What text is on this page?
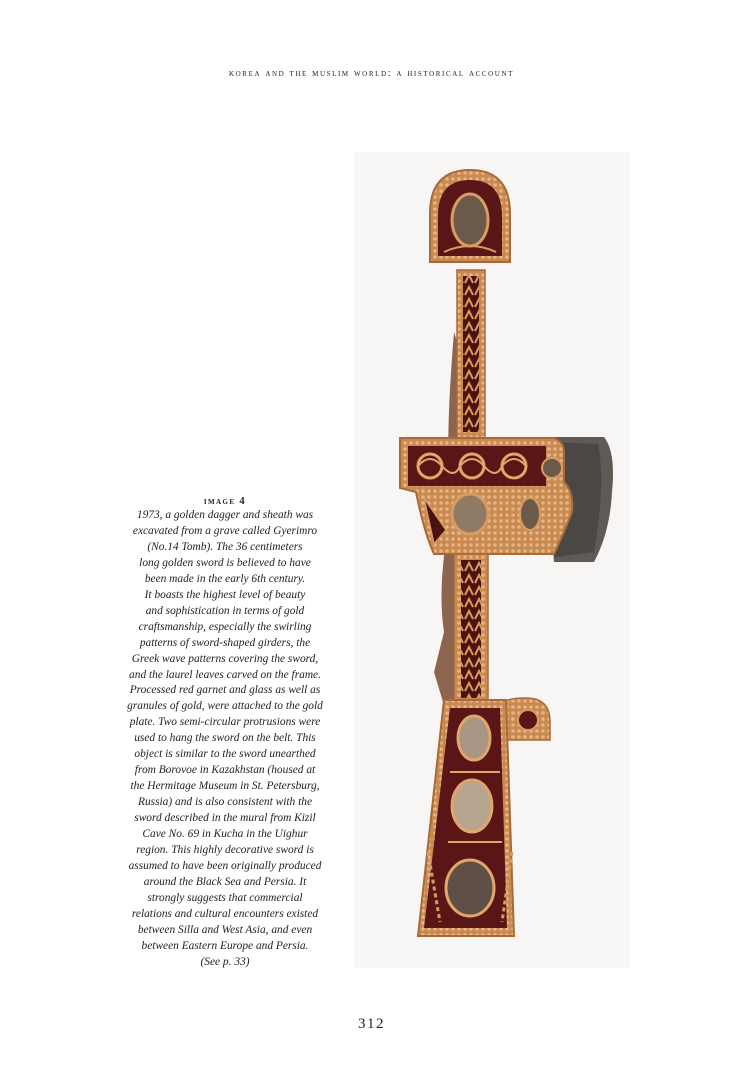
korea and the muslim world: a historical account
image 4
1973, a golden dagger and sheath was
excavated from a grave called Gyerimro
(No.14 Tomb). The 36 centimeters
long golden sword is believed to have
been made in the early 6th century.
It boasts the highest level of beauty
and sophistication in terms of gold
craftsmanship, especially the swirling
patterns of sword-shaped girders, the
Greek wave patterns covering the sword,
and the laurel leaves carved on the frame.
Processed red garnet and glass as well as
granules of gold, were attached to the gold
plate. Two semi-circular protrusions were
used to hang the sword on the belt. This
object is similar to the sword unearthed
from Borovoe in Kazakhstan (housed at
the Hermitage Museum in St. Petersburg,
Russia) and is also consistent with the
sword described in the mural from Kizil
Cave No. 69 in Kucha in the Uighur
region. This highly decorative sword is
assumed to have been originally produced
around the Black Sea and Persia. It
strongly suggests that commercial
relations and cultural encounters existed
between Silla and West Asia, and even
between Eastern Europe and Persia.
(See p. 33)
312
